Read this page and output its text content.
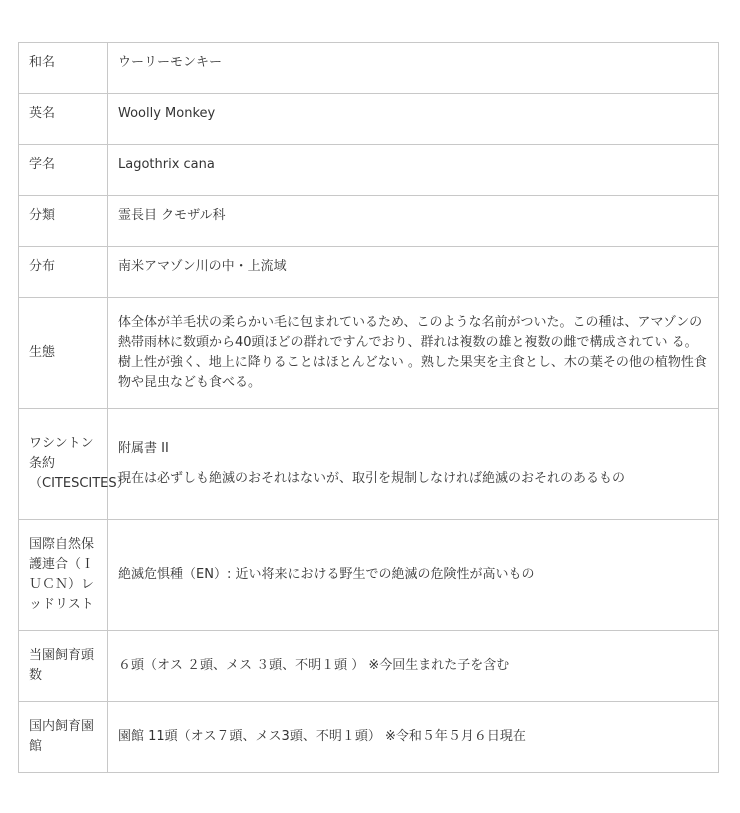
和名	ウーリーモンキー
英名	Woolly Monkey
学名	Lagothrix cana
分類	霊長目 クモザル科
分布	南米アマゾン川の中・上流域
生態	体全体が羊毛状の柔らかい毛に包まれているため、このような名前がついた。この種は、アマゾンの熱帯雨林に数頭から40頭ほどの群れですんでおり、群れは複数の雄と複数の雌で構成されてい る。樹上性が強く、地上に降りることはほとんどない 。熟した果実を主食とし、木の葉その他の植物性食物や昆虫なども食べる。
ワシントン条約（CITESCITES）	附属書 II

現在は必ずしも絶滅のおそれはないが、取引を規制しなければ絶滅のおそれのあるもの

国際自然保護連合（ＩＵＣＮ）レッドリスト	絶滅危惧種（EN）: 近い将来における野生での絶滅の危険性が高いもの
当園飼育頭数	６頭（オス ２頭、メス ３頭、不明１頭 ） ※今回生まれた子を含む
国内飼育園館	園館 11頭（オス７頭、メス3頭、不明１頭） ※令和５年５月６日現在
